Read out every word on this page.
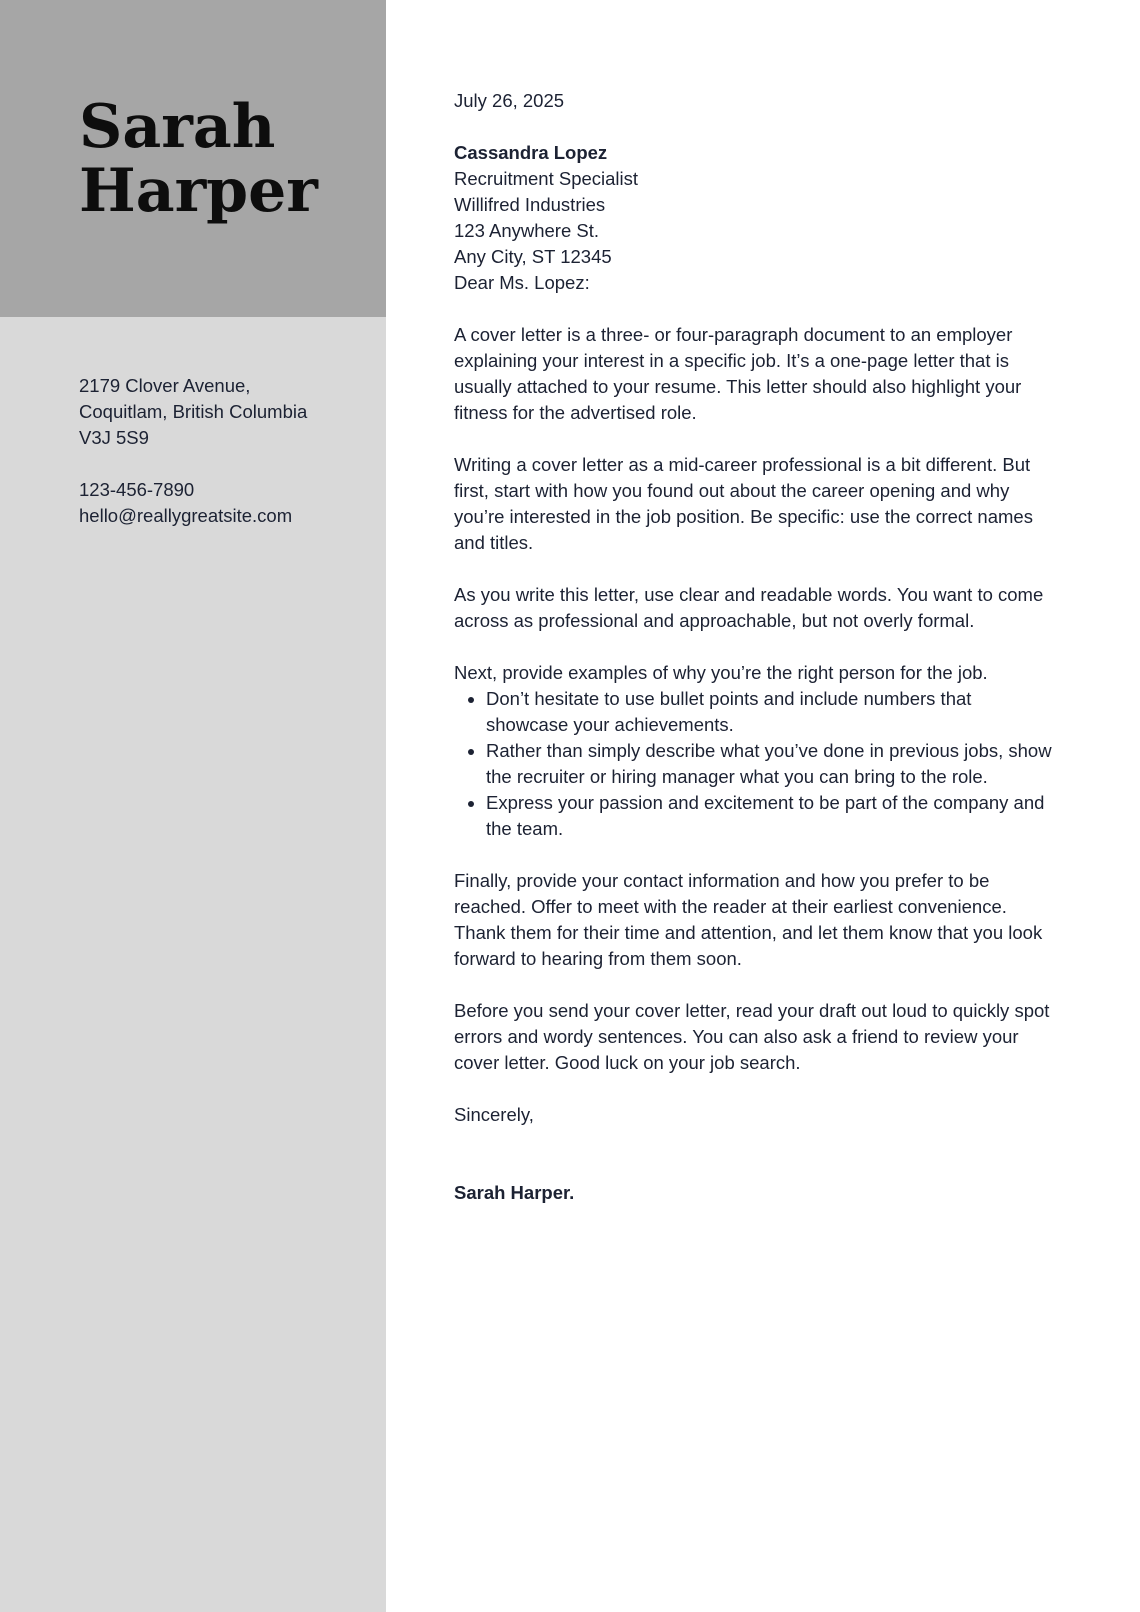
Sarah
Harper
2179 Clover Avenue,
Coquitlam, British Columbia
V3J 5S9
123-456-7890
hello@reallygreatsite.com

July 26, 2025

Cassandra Lopez
Recruitment Specialist
Willifred Industries
123 Anywhere St.
Any City, ST 12345

Dear Ms. Lopez:

A cover letter is a three- or four-paragraph document to an employer explaining your interest in a specific job. It’s a one-page letter that is usually attached to your resume. This letter should also highlight your fitness for the advertised role.

Writing a cover letter as a mid-career professional is a bit different. But first, start with how you found out about the career opening and why you’re interested in the job position. Be specific: use the correct names and titles.

As you write this letter, use clear and readable words. You want to come across as professional and approachable, but not overly formal.

Next, provide examples of why you’re the right person for the job.

• Don’t hesitate to use bullet points and include numbers that showcase your achievements.
• Rather than simply describe what you’ve done in previous jobs, show the recruiter or hiring manager what you can bring to the role.
• Express your passion and excitement to be part of the company and the team.

Finally, provide your contact information and how you prefer to be reached. Offer to meet with the reader at their earliest convenience. Thank them for their time and attention, and let them know that you look forward to hearing from them soon.

Before you send your cover letter, read your draft out loud to quickly spot errors and wordy sentences. You can also ask a friend to review your cover letter. Good luck on your job search.

Sincerely,

Sarah Harper.
